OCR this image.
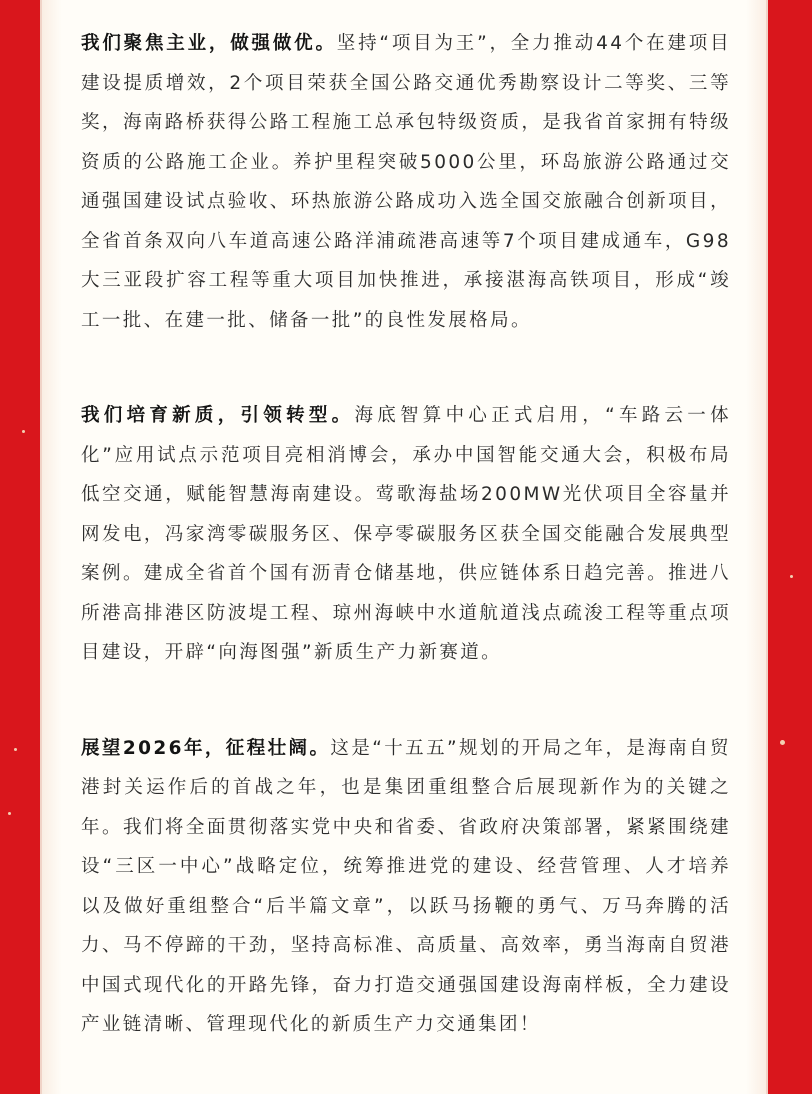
我们聚焦主业，做强做优。坚持“项目为王”，全力推动44个在建项目建设提质增效，2个项目荣获全国公路交通优秀勘察设计二等奖、三等奖，海南路桥获得公路工程施工总承包特级资质，是我省首家拥有特级资质的公路施工企业。养护里程突破5000公里，环岛旅游公路通过交通强国建设试点验收、环热旅游公路成功入选全国交旅融合创新项目，全省首条双向八车道高速公路洋浦疏港高速等7个项目建成通车，G98大三亚段扩容工程等重大项目加快推进，承接湛海高铁项目，形成“竣工一批、在建一批、储备一批”的良性发展格局。

我们培育新质，引领转型。海底智算中心正式启用，“车路云一体化”应用试点示范项目亮相消博会，承办中国智能交通大会，积极布局低空交通，赋能智慧海南建设。莺歌海盐场200MW光伏项目全容量并网发电，冯家湾零碳服务区、保亭零碳服务区获全国交能融合发展典型案例。建成全省首个国有沥青仓储基地，供应链体系日趋完善。推进八所港高排港区防波堤工程、琼州海峡中水道航道浅点疏浚工程等重点项目建设，开辟“向海图强”新质生产力新赛道。

展望2026年，征程壮阔。这是“十五五”规划的开局之年，是海南自贸港封关运作后的首战之年，也是集团重组整合后展现新作为的关键之年。我们将全面贯彻落实党中央和省委、省政府决策部署，紧紧围绕建设“三区一中心”战略定位，统筹推进党的建设、经营管理、人才培养以及做好重组整合“后半篇文章”，以跃马扬鞭的勇气、万马奔腾的活力、马不停蹄的干劲，坚持高标准、高质量、高效率，勇当海南自贸港中国式现代化的开路先锋，奋力打造交通强国建设海南样板，全力建设产业链清晰、管理现代化的新质生产力交通集团！
